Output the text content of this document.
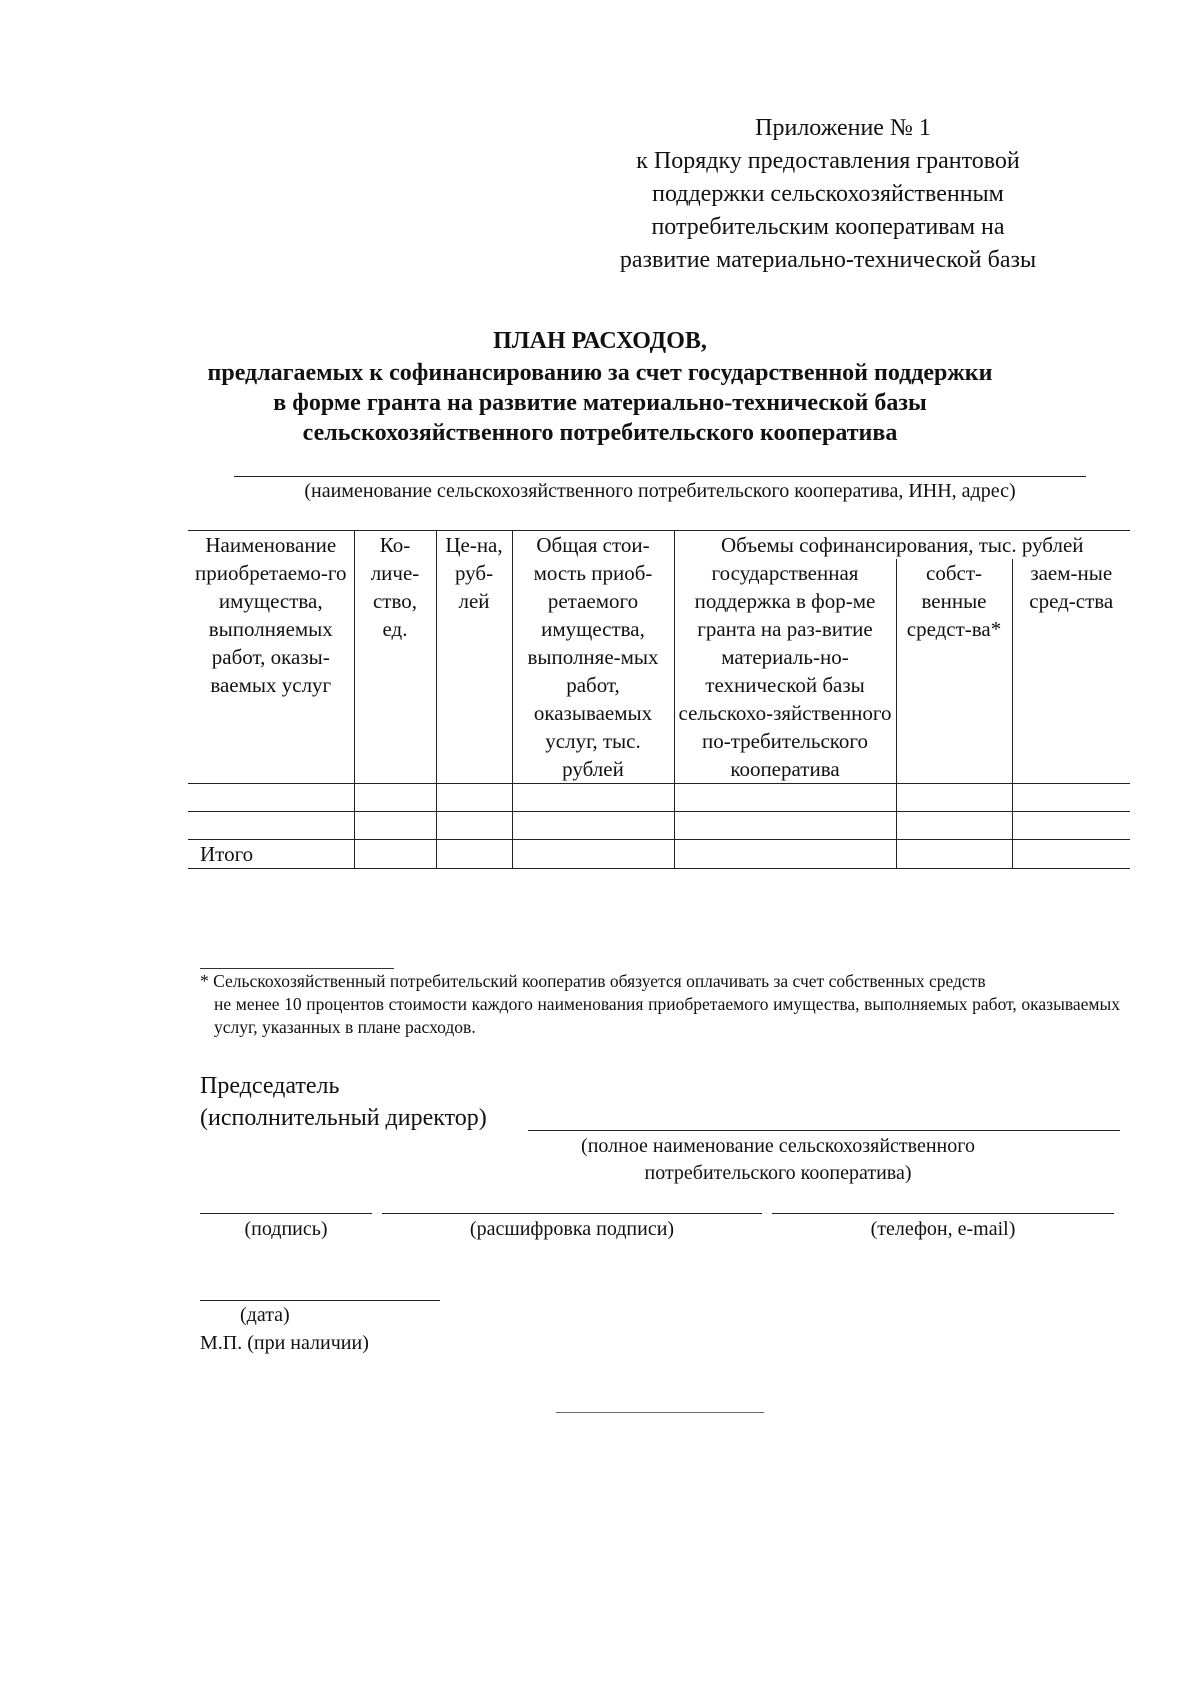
Приложение № 1
к Порядку предоставления грантовой
поддержки сельскохозяйственным
потребительским кооперативам на
развитие материально-технической базы
ПЛАН РАСХОДОВ,
предлагаемых к софинансированию за счет государственной поддержки
в форме гранта на развитие материально-технической базы
сельскохозяйственного потребительского кооператива
(наименование сельскохозяйственного потребительского кооператива, ИНН, адрес)
Наименование приобретаемо-го имущества, выполняемых работ, оказы-ваемых услуг	Ко-личе-ство, ед.	Це-на, руб-лей	Общая стои-мость приоб-ретаемого имущества, выполняе-мых работ, оказываемых услуг, тыс. рублей	Объемы софинансирования, тыс. рублей		
				государственная поддержка в фор-ме гранта на раз-витие материаль-но-технической базы сельскохо-зяйственного по-требительского кооператива	собст-венные средст-ва*	заем-ные сред-ства

Итого						
* Сельскохозяйственный потребительский кооператив обязуется оплачивать за счет собственных средств
не менее 10 процентов стоимости каждого наименования приобретаемого имущества, выполняемых работ, оказываемых услуг, указанных в плане расходов.
Председатель
(исполнительный директор)
(полное наименование сельскохозяйственного
потребительского кооператива)
(подпись)	(расшифровка подписи)	(телефон, e-mail)
(дата)
М.П. (при наличии)
